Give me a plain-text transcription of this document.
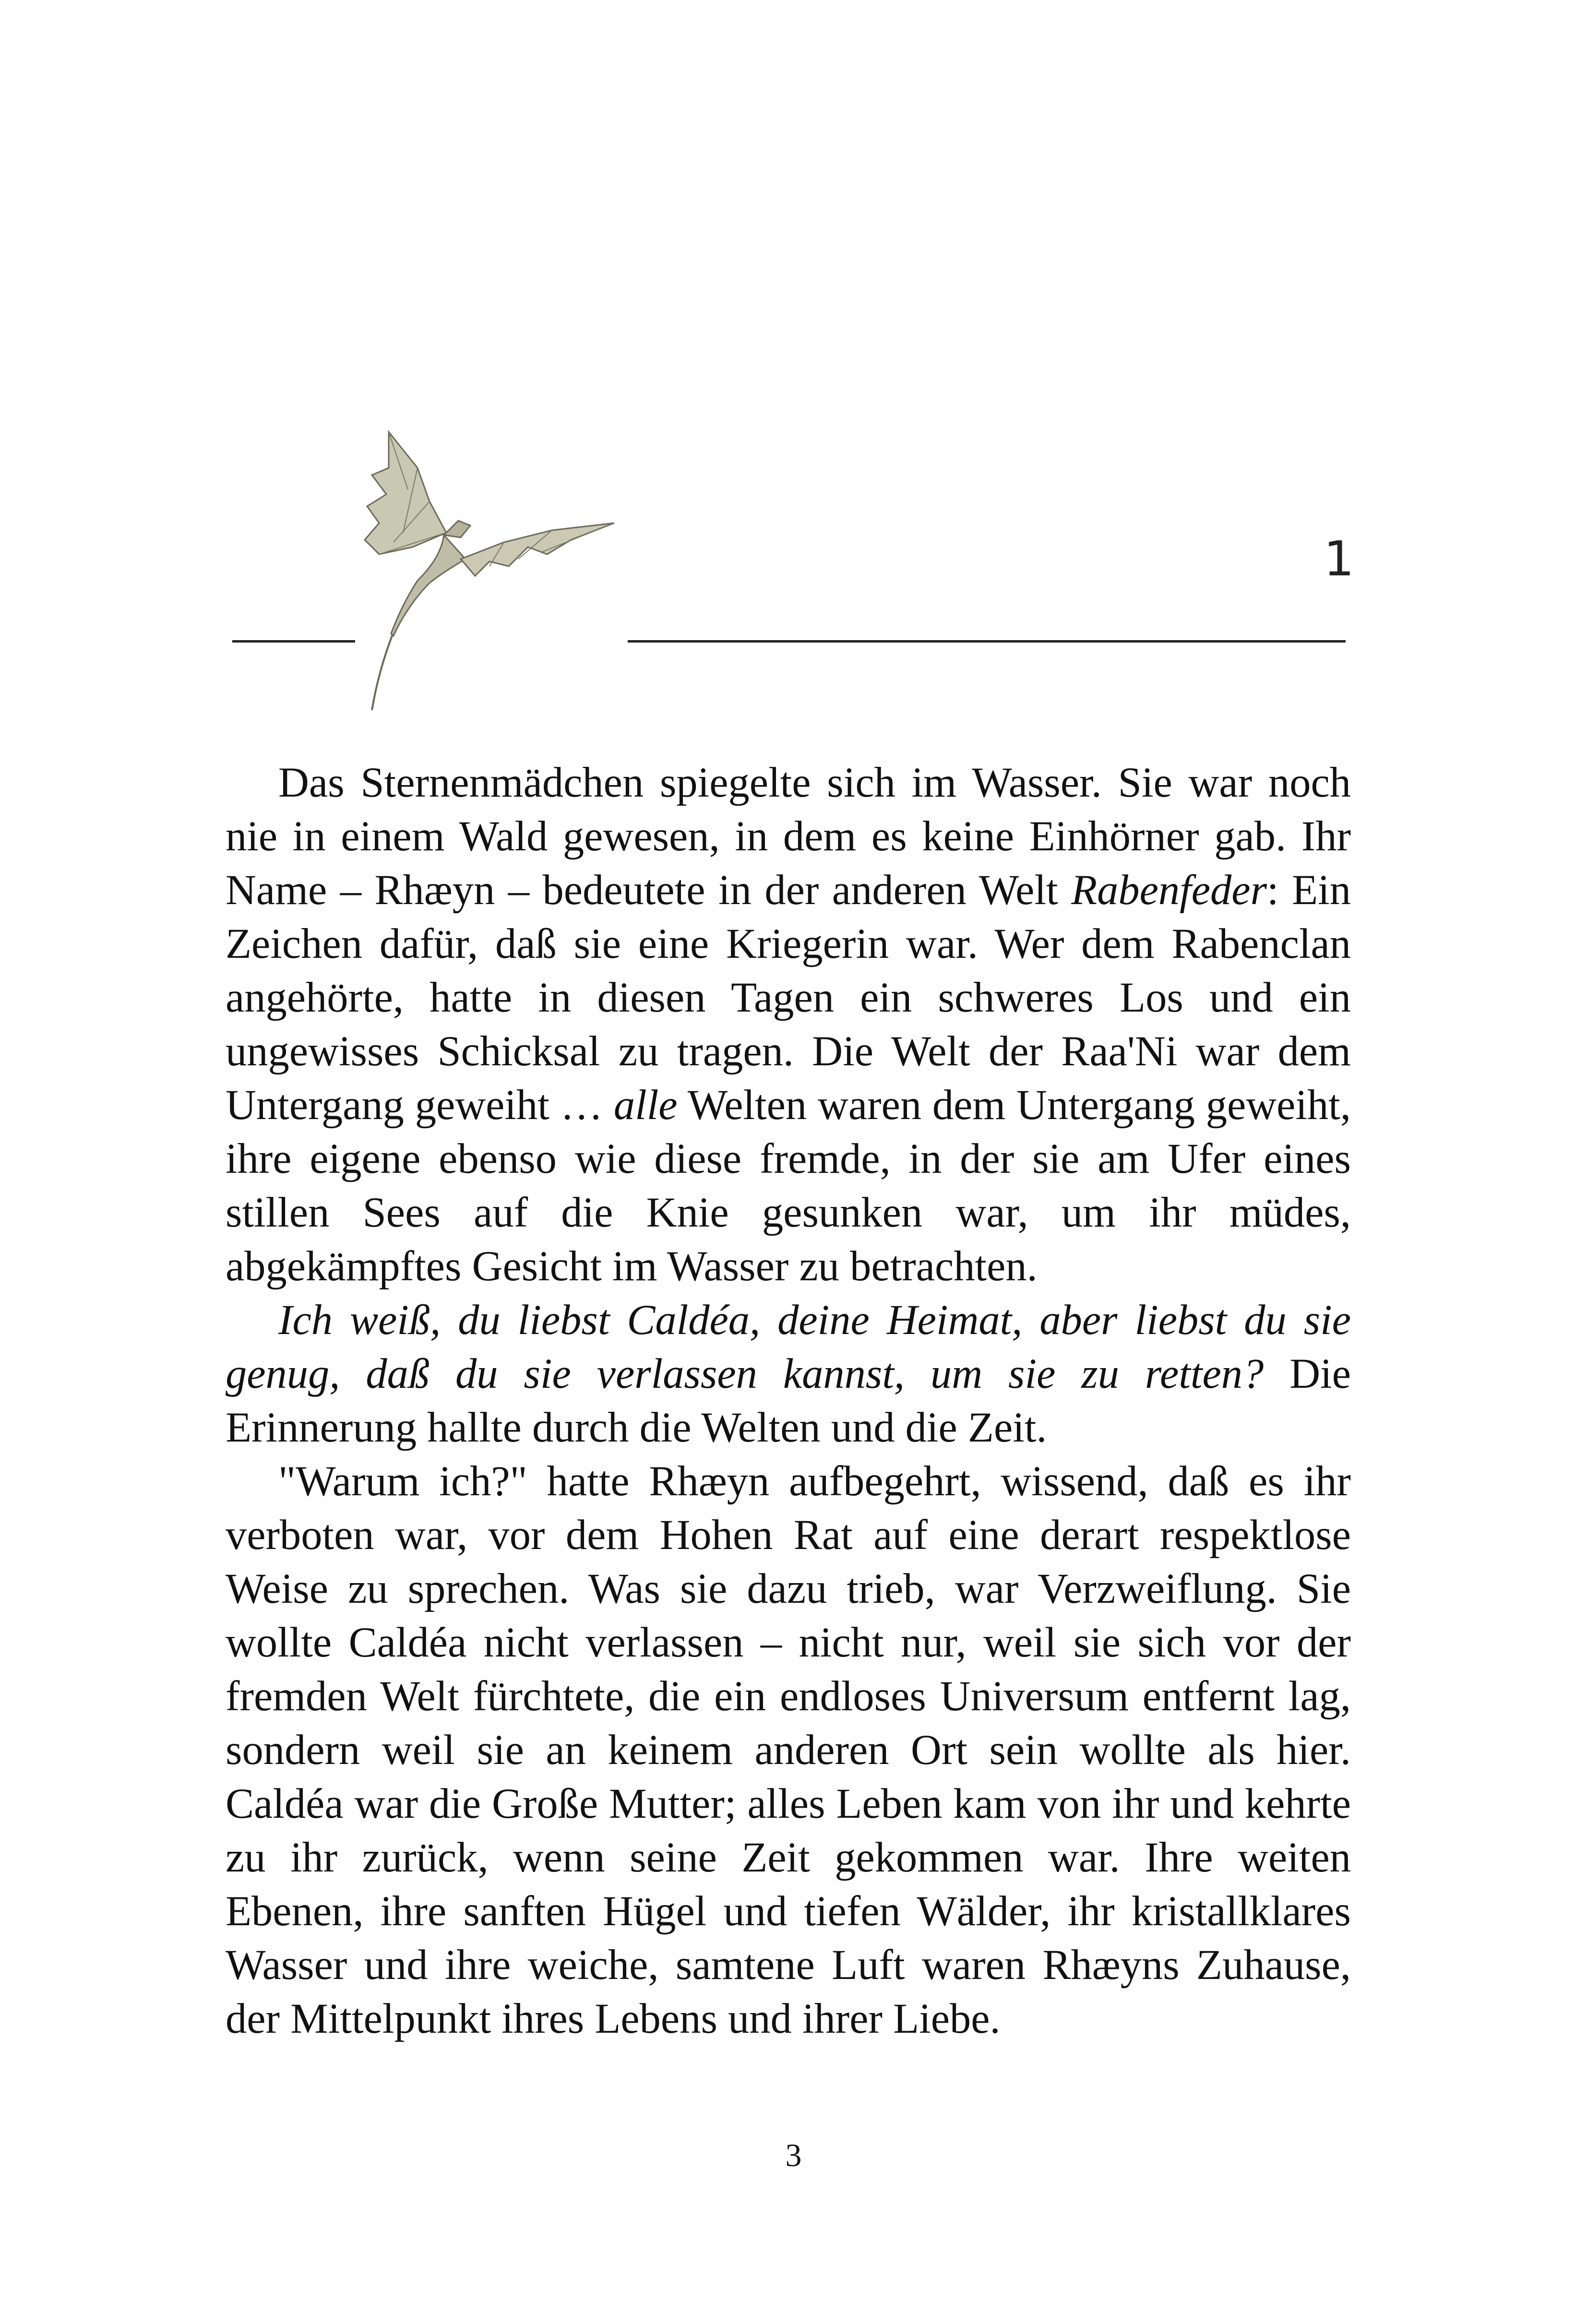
1

Das Sternenmädchen spiegelte sich im Wasser. Sie war noch nie in einem Wald gewesen, in dem es keine Einhörner gab. Ihr Name – Rhæyn – bedeutete in der anderen Welt Rabenfeder: Ein Zeichen dafür, daß sie eine Kriegerin war. Wer dem Rabenclan angehörte, hatte in diesen Tagen ein schweres Los und ein ungewisses Schicksal zu tragen. Die Welt der Raa'Ni war dem Untergang geweiht … alle Welten waren dem Untergang geweiht, ihre eigene ebenso wie diese fremde, in der sie am Ufer eines stillen Sees auf die Knie gesunken war, um ihr müdes, abgekämpftes Gesicht im Wasser zu betrachten.

Ich weiß, du liebst Caldéa, deine Heimat, aber liebst du sie genug, daß du sie verlassen kannst, um sie zu retten? Die Erinnerung hallte durch die Welten und die Zeit.

"Warum ich?" hatte Rhæyn aufbegehrt, wissend, daß es ihr verboten war, vor dem Hohen Rat auf eine derart respektlose Weise zu sprechen. Was sie dazu trieb, war Verzweiflung. Sie wollte Caldéa nicht verlassen – nicht nur, weil sie sich vor der fremden Welt fürchtete, die ein endloses Universum entfernt lag, sondern weil sie an keinem anderen Ort sein wollte als hier. Caldéa war die Große Mutter; alles Leben kam von ihr und kehrte zu ihr zurück, wenn seine Zeit gekommen war. Ihre weiten Ebenen, ihre sanften Hügel und tiefen Wälder, ihr kristallklares Wasser und ihre weiche, samtene Luft waren Rhæyns Zuhause, der Mittelpunkt ihres Lebens und ihrer Liebe.

3
